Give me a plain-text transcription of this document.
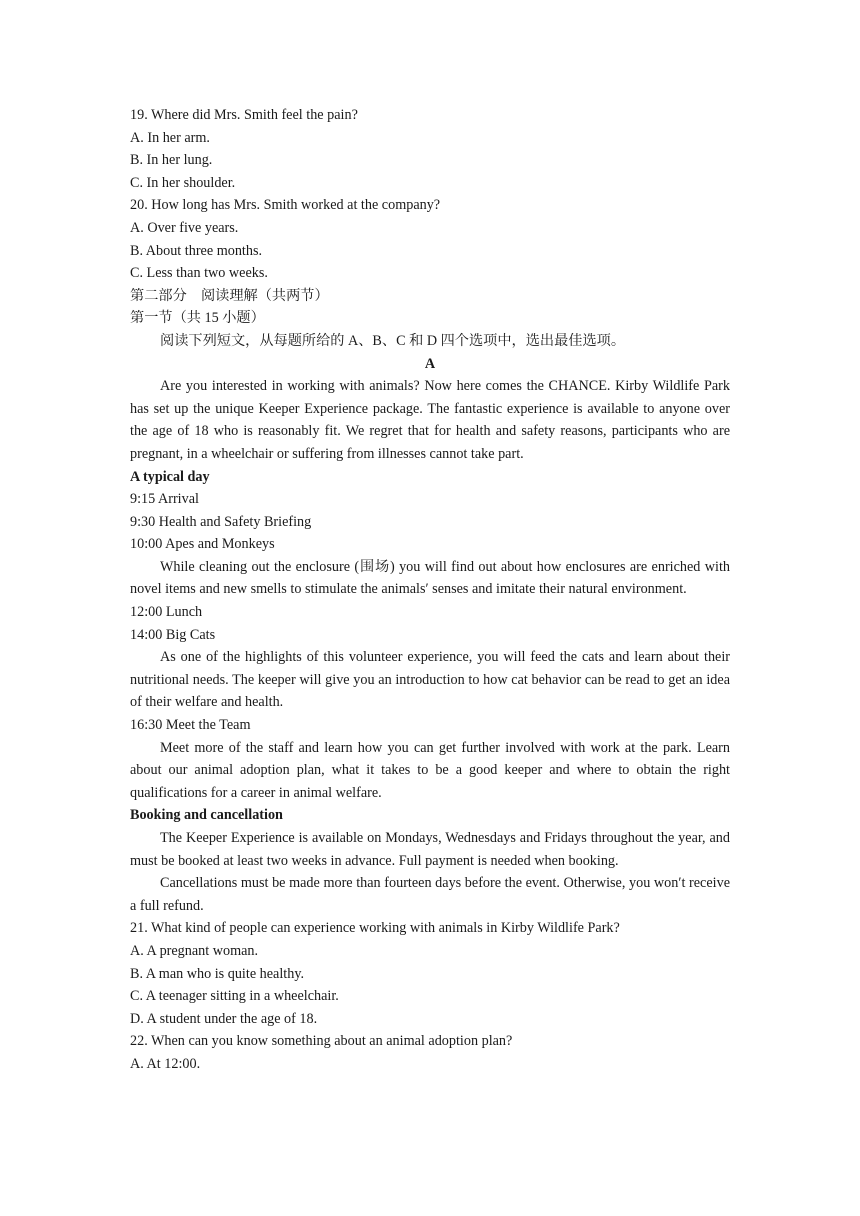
19. Where did Mrs. Smith feel the pain?

A. In her arm.

B. In her lung.

C. In her shoulder.

20. How long has Mrs. Smith worked at the company?

A. Over five years.

B. About three months.

C. Less than two weeks.

第二部分　阅读理解（共两节）

第一节（共 15 小题）

阅读下列短文，从每题所给的 A、B、C 和 D 四个选项中，选出最佳选项。

A

Are you interested in working with animals? Now here comes the CHANCE. Kirby Wildlife Park has set up the unique Keeper Experience package. The fantastic experience is available to anyone over the age of 18 who is reasonably fit. We regret that for health and safety reasons, participants who are pregnant, in a wheelchair or suffering from illnesses cannot take part.

A typical day

9:15 Arrival

9:30 Health and Safety Briefing

10:00 Apes and Monkeys

While cleaning out the enclosure (围场) you will find out about how enclosures are enriched with novel items and new smells to stimulate the animals′ senses and imitate their natural environment.

12:00 Lunch

14:00 Big Cats

As one of the highlights of this volunteer experience, you will feed the cats and learn about their nutritional needs. The keeper will give you an introduction to how cat behavior can be read to get an idea of their welfare and health.

16:30 Meet the Team

Meet more of the staff and learn how you can get further involved with work at the park. Learn about our animal adoption plan, what it takes to be a good keeper and where to obtain the right qualifications for a career in animal welfare.

Booking and cancellation

The Keeper Experience is available on Mondays, Wednesdays and Fridays throughout the year, and must be booked at least two weeks in advance. Full payment is needed when booking.

Cancellations must be made more than fourteen days before the event. Otherwise, you won′t receive a full refund.

21. What kind of people can experience working with animals in Kirby Wildlife Park?

A. A pregnant woman.

B. A man who is quite healthy.

C. A teenager sitting in a wheelchair.

D. A student under the age of 18.

22. When can you know something about an animal adoption plan?

A. At 12:00.
